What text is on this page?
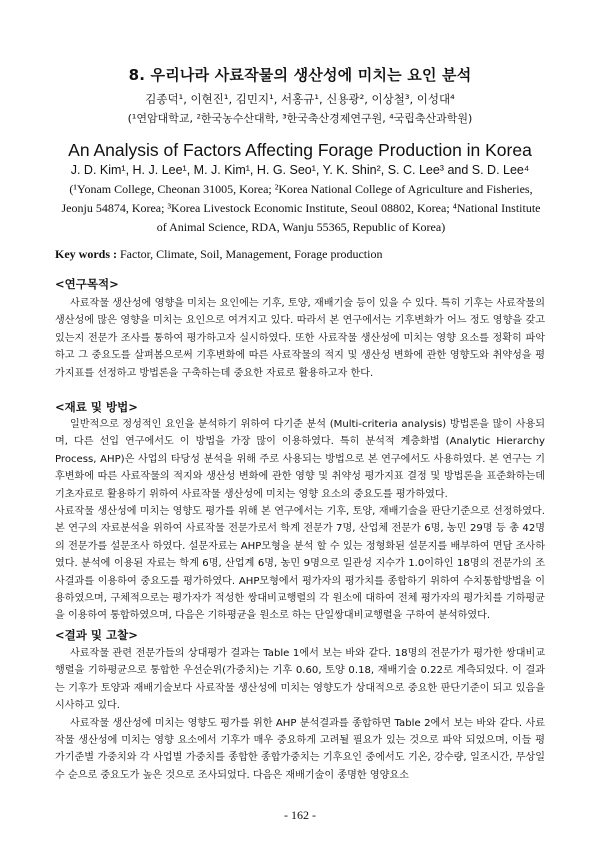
8. 우리나라 사료작물의 생산성에 미치는 요인 분석
김종덕¹, 이현진¹, 김민지¹, 서홍규¹, 신용광², 이상철³, 이성대⁴
(¹연암대학교, ²한국농수산대학, ³한국축산경제연구원, ⁴국립축산과학원)
An Analysis of Factors Affecting Forage Production in Korea
J. D. Kim¹, H. J. Lee¹, M. J. Kim¹, H. G. Seo¹, Y. K. Shin², S. C. Lee³ and S. D. Lee⁴
(¹Yonam College, Cheonan 31005, Korea; ²Korea National College of Agriculture and Fisheries, Jeonju 54874, Korea; ³Korea Livestock Economic Institute, Seoul 08802, Korea; ⁴National Institute of Animal Science, RDA, Wanju 55365, Republic of Korea)
Key words : Factor, Climate, Soil, Management, Forage production
<연구목적>

사료작물 생산성에 영향을 미치는 요인에는 기후, 토양, 재배기술 등이 있을 수 있다. 특히 기후는 사료작물의 생산성에 많은 영향을 미치는 요인으로 여겨지고 있다. 따라서 본 연구에서는 기후변화가 어느 정도 영향을 갖고 있는지 전문가 조사를 통하여 평가하고자 실시하였다. 또한 사료작물 생산성에 미치는 영향 요소를 정확히 파악하고 그 중요도를 살펴봄으로써 기후변화에 따른 사료작물의 적지 및 생산성 변화에 관한 영향도와 취약성을 평가지표를 선정하고 방법론을 구축하는데 중요한 자료로 활용하고자 한다.

<재료 및 방법>

일반적으로 정성적인 요인을 분석하기 위하여 다기준 분석 (Multi-criteria analysis) 방법론을 많이 사용되며, 다른 선입 연구에서도 이 방법을 가장 많이 이용하였다. 특히 분석적 계층화법 (Analytic Hierarchy Process, AHP)은 사업의 타당성 분석을 위해 주로 사용되는 방법으로 본 연구에서도 사용하였다. 본 연구는 기후변화에 따른 사료작물의 적지와 생산성 변화에 관한 영향 및 취약성 평가지표 결정 및 방법론을 표준화하는데 기초자료로 활용하기 위하여 사료작물 생산성에 미치는 영향 요소의 중요도를 평가하였다.

사료작물 생산성에 미치는 영향도 평가를 위해 본 연구에서는 기후, 토양, 재배기술을 판단기준으로 선정하였다. 본 연구의 자료분석을 위하여 사료작물 전문가로서 학계 전문가 7명, 산업체 전문가 6명, 농민 29명 등 총 42명의 전문가를 설문조사 하였다. 설문자료는 AHP모형을 분석 할 수 있는 정형화된 설문지를 배부하여 면담 조사하였다. 분석에 이용된 자료는 학계 6명, 산업계 6명, 농민 9명으로 일관성 지수가 1.0이하인 18명의 전문가의 조사결과를 이용하여 중요도를 평가하였다. AHP모형에서 평가자의 평가치를 종합하기 위하여 수치통합방법을 이용하였으며, 구체적으로는 평가자가 적성한 쌍대비교행렬의 각 원소에 대하여 전체 평가자의 평가치를 기하평균을 이용하여 통합하였으며, 다음은 기하평균을 원소로 하는 단일쌍대비교행렬을 구하여 분석하였다.

<결과 및 고찰>

사료작물 관련 전문가들의 상대평가 결과는 Table 1에서 보는 바와 같다. 18명의 전문가가 평가한 쌍대비교행렬을 기하평균으로 통합한 우선순위(가중치)는 기후 0.60, 토양 0.18, 재배기술 0.22로 계측되었다. 이 결과는 기후가 토양과 재배기술보다 사료작물 생산성에 미치는 영향도가 상대적으로 중요한 판단기준이 되고 있음을 시사하고 있다.

사료작물 생산성에 미치는 영향도 평가를 위한 AHP 분석결과를 종합하면 Table 2에서 보는 바와 같다. 사료작물 생산성에 미치는 영향 요소에서 기후가 매우 중요하게 고려될 필요가 있는 것으로 파악 되었으며, 이들 평가기준별 가중치와 각 사업별 가중치를 종합한 종합가중치는 기후요인 중에서도 기온, 강수량, 일조시간, 무상일수 순으로 중요도가 높은 것으로 조사되었다. 다음은 재배기술이 종명한 영양요소

- 162 -
